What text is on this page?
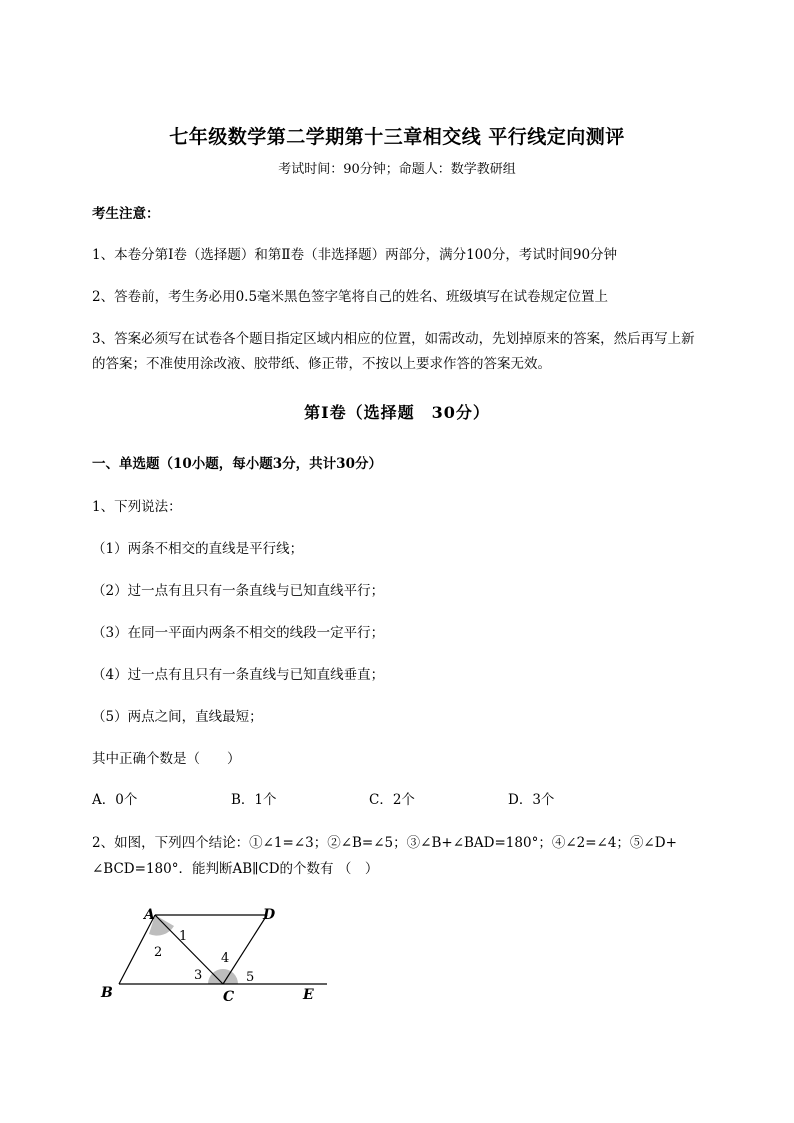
七年级数学第二学期第十三章相交线 平行线定向测评
考试时间：90分钟；命题人：数学教研组
考生注意：
1、本卷分第I卷（选择题）和第Ⅱ卷（非选择题）两部分，满分100分，考试时间90分钟
2、答卷前，考生务必用0.5毫米黑色签字笔将自己的姓名、班级填写在试卷规定位置上
3、答案必须写在试卷各个题目指定区域内相应的位置，如需改动，先划掉原来的答案，然后再写上新
的答案；不准使用涂改液、胶带纸、修正带，不按以上要求作答的答案无效。
第I卷（选择题　30分）
一、单选题（10小题，每小题3分，共计30分）
1、下列说法：
（1）两条不相交的直线是平行线；
（2）过一点有且只有一条直线与已知直线平行；
（3）在同一平面内两条不相交的线段一定平行；
（4）过一点有且只有一条直线与已知直线垂直；
（5）两点之间，直线最短；
其中正确个数是（　　）
A．0个	B．1个	C．2个	D．3个
2、如图，下列四个结论：①∠1=∠3；②∠B=∠5；③∠B+∠BAD=180°；④∠2=∠4；⑤∠D+
∠BCD=180°．能判断AB∥CD的个数有 （　）
A	D
B	C	E
1
2
3
4
5
